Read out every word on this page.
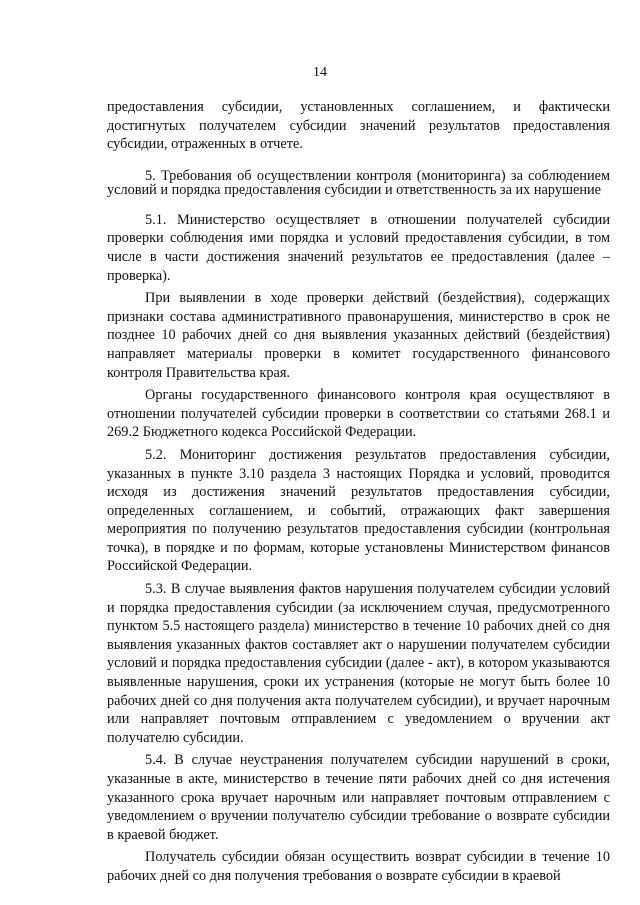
14

предоставления субсидии, установленных соглашением, и фактически достигнутых получателем субсидии значений результатов предоставления субсидии, отраженных в отчете.

5. Требования об осуществлении контроля (мониторинга) за соблюдением условий и порядка предоставления субсидии и ответственность за их нарушение

5.1. Министерство осуществляет в отношении получателей субсидии проверки соблюдения ими порядка и условий предоставления субсидии, в том числе в части достижения значений результатов ее предоставления (далее – проверка).

При выявлении в ходе проверки действий (бездействия), содержащих признаки состава административного правонарушения, министерство в срок не позднее 10 рабочих дней со дня выявления указанных действий (бездействия) направляет материалы проверки в комитет государственного финансового контроля Правительства края.

Органы государственного финансового контроля края осуществляют в отношении получателей субсидии проверки в соответствии со статьями 268.1 и 269.2 Бюджетного кодекса Российской Федерации.

5.2. Мониторинг достижения результатов предоставления субсидии, указанных в пункте 3.10 раздела 3 настоящих Порядка и условий, проводится исходя из достижения значений результатов предоставления субсидии, определенных соглашением, и событий, отражающих факт завершения мероприятия по получению результатов предоставления субсидии (контрольная точка), в порядке и по формам, которые установлены Министерством финансов Российской Федерации.

5.3. В случае выявления фактов нарушения получателем субсидии условий и порядка предоставления субсидии (за исключением случая, предусмотренного пунктом 5.5 настоящего раздела) министерство в течение 10 рабочих дней со дня выявления указанных фактов составляет акт о нарушении получателем субсидии условий и порядка предоставления субсидии (далее - акт), в котором указываются выявленные нарушения, сроки их устранения (которые не могут быть более 10 рабочих дней со дня получения акта получателем субсидии), и вручает нарочным или направляет почтовым отправлением с уведомлением о вручении акт получателю субсидии.

5.4. В случае неустранения получателем субсидии нарушений в сроки, указанные в акте, министерство в течение пяти рабочих дней со дня истечения указанного срока вручает нарочным или направляет почтовым отправлением с уведомлением о вручении получателю субсидии требование о возврате субсидии в краевой бюджет.

Получатель субсидии обязан осуществить возврат субсидии в течение 10 рабочих дней со дня получения требования о возврате субсидии в краевой
